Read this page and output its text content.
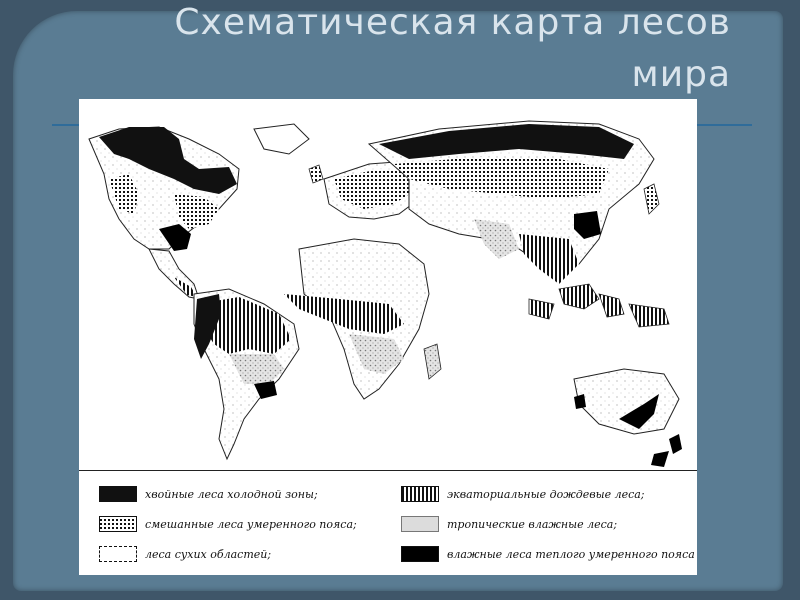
Схематическая карта лесов
мира
хвойные леса холодной зоны;
смешанные леса умеренного пояса;
леса сухих областей;
экваториальные дождевые леса;
тропические влажные леса;
влажные леса теплого умеренного пояса
